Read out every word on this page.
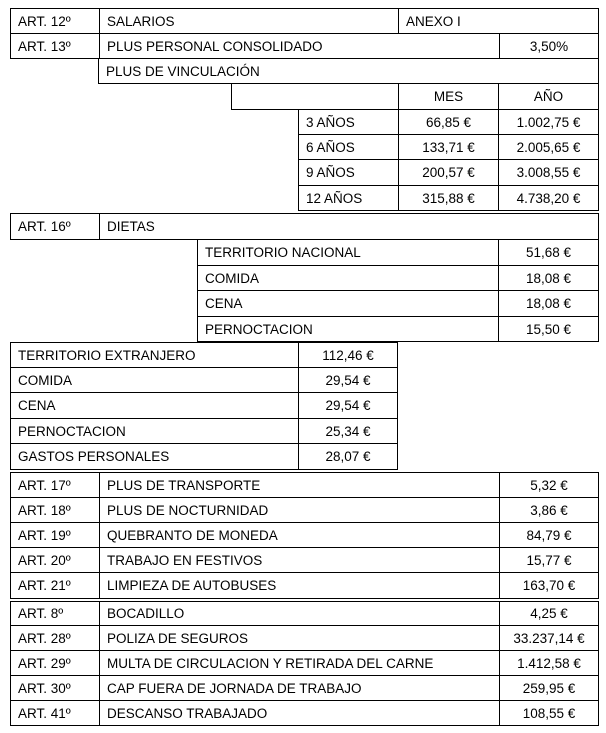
ART. 12º	SALARIOS	ANEXO I
ART. 13º	PLUS PERSONAL CONSOLIDADO	3,50%
PLUS DE VINCULACIÓN
MES	AÑO
3 AÑOS	66,85 €	1.002,75 €
6 AÑOS	133,71 €	2.005,65 €
9 AÑOS	200,57 €	3.008,55 €
12 AÑOS	315,88 €	4.738,20 €
ART. 16º	DIETAS
TERRITORIO NACIONAL	51,68 €
COMIDA	18,08 €
CENA	18,08 €
PERNOCTACION	15,50 €
TERRITORIO EXTRANJERO	112,46 €
COMIDA	29,54 €
CENA	29,54 €
PERNOCTACION	25,34 €
GASTOS PERSONALES	28,07 €
ART. 17º	PLUS DE TRANSPORTE	5,32 €
ART. 18º	PLUS DE NOCTURNIDAD	3,86 €
ART. 19º	QUEBRANTO DE MONEDA	84,79 €
ART. 20º	TRABAJO EN FESTIVOS	15,77 €
ART. 21º	LIMPIEZA DE AUTOBUSES	163,70 €
ART. 8º	BOCADILLO	4,25 €
ART. 28º	POLIZA DE SEGUROS	33.237,14 €
ART. 29º	MULTA DE CIRCULACION Y RETIRADA DEL CARNE	1.412,58 €
ART. 30º	CAP FUERA DE JORNADA DE TRABAJO	259,95 €
ART. 41º	DESCANSO TRABAJADO	108,55 €
